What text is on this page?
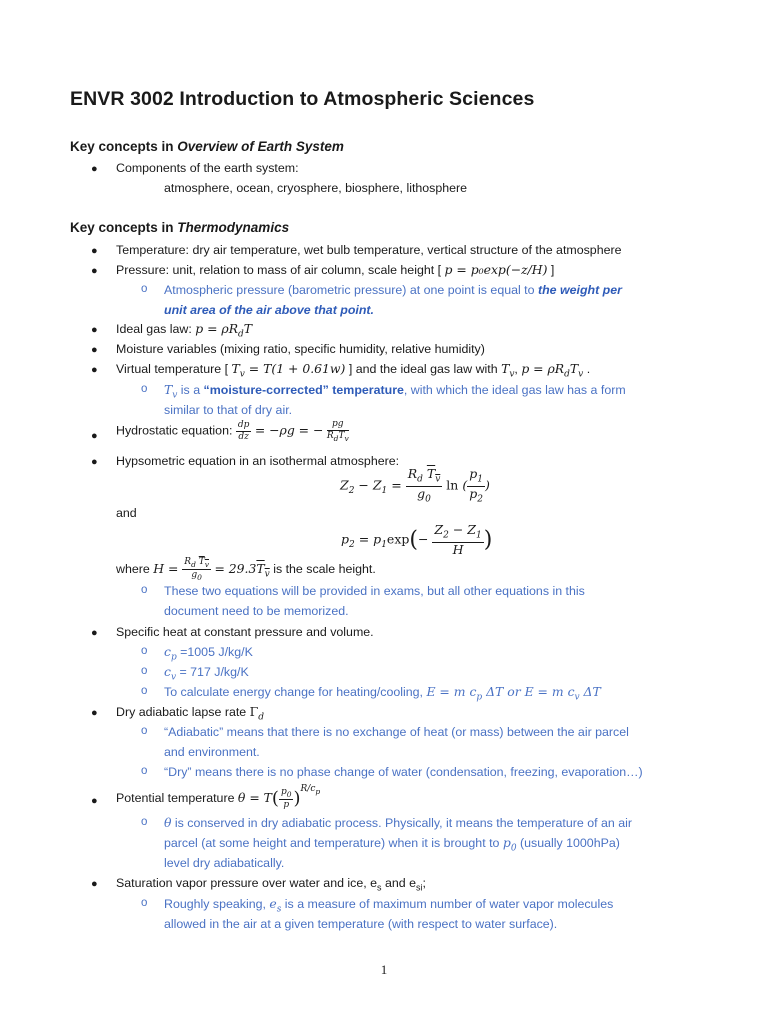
ENVR 3002 Introduction to Atmospheric Sciences
Key concepts in Overview of Earth System
● Components of the earth system:
atmosphere, ocean, cryosphere, biosphere, lithosphere
Key concepts in Thermodynamics
● Temperature: dry air temperature, wet bulb temperature, vertical structure of the atmosphere
● Pressure: unit, relation to mass of air column, scale height [ p = p₀exp(−z/H) ]
o Atmospheric pressure (barometric pressure) at one point is equal to the weight per
unit area of the air above that point.
● Ideal gas law: $p = \rho R_dT$
● Moisture variables (mixing ratio, specific humidity, relative humidity)
● Virtual temperature [ $T_v = T(1 + 0.61w)$ ] and the ideal gas law with $T_v$, $p = \rho R_dT_v$ .
o $T_v$ is a “moisture-corrected” temperature, with which the ideal gas law has a form
similar to that of dry air.
● Hydrostatic equation: $\frac{dp}{dz} = -\rho g$ = − $\frac{pg}{R_dT_v}$
● Hypsometric equation in an isothermal atmosphere:
$Z_2 - Z_1 = \frac{R_d T_v}{g_0}$ ln ( $\frac{p_1}{p_2}$ )
and
$p_2 = p_1\exp(- \frac{Z_2 - Z_1}{H}$ )
where $H = \frac{R_d T_v}{g_0} = 29.3T_v$ is the scale height.
o These two equations will be provided in exams, but all other equations in this
document need to be memorized.
● Specific heat at constant pressure and volume.
o $c_p =1005$ J/kg/K
o $c_v = 717$ J/kg/K
o To calculate energy change for heating/cooling, E = m $c_p$ ΔT or E = m $c_v$ ΔT
● Dry adiabatic lapse rate $\Gamma_d$
o “Adiabatic” means that there is no exchange of heat (or mass) between the air parcel
and environment.
o “Dry” means there is no phase change of water (condensation, freezing, evaporation…)
● Potential temperature $\theta = T( \frac{p_0}{p} )^{R/c_p}$
o θ is conserved in dry adiabatic process. Physically, it means the temperature of an air
parcel (at some height and temperature) when it is brought to $p_0$ (usually 1000hPa)
level dry adiabatically.
● Saturation vapor pressure over water and ice, $e_s$ and $e_{si}$;
o Roughly speaking, $e_s$ is a measure of maximum number of water vapor molecules
allowed in the air at a given temperature (with respect to water surface).
1
